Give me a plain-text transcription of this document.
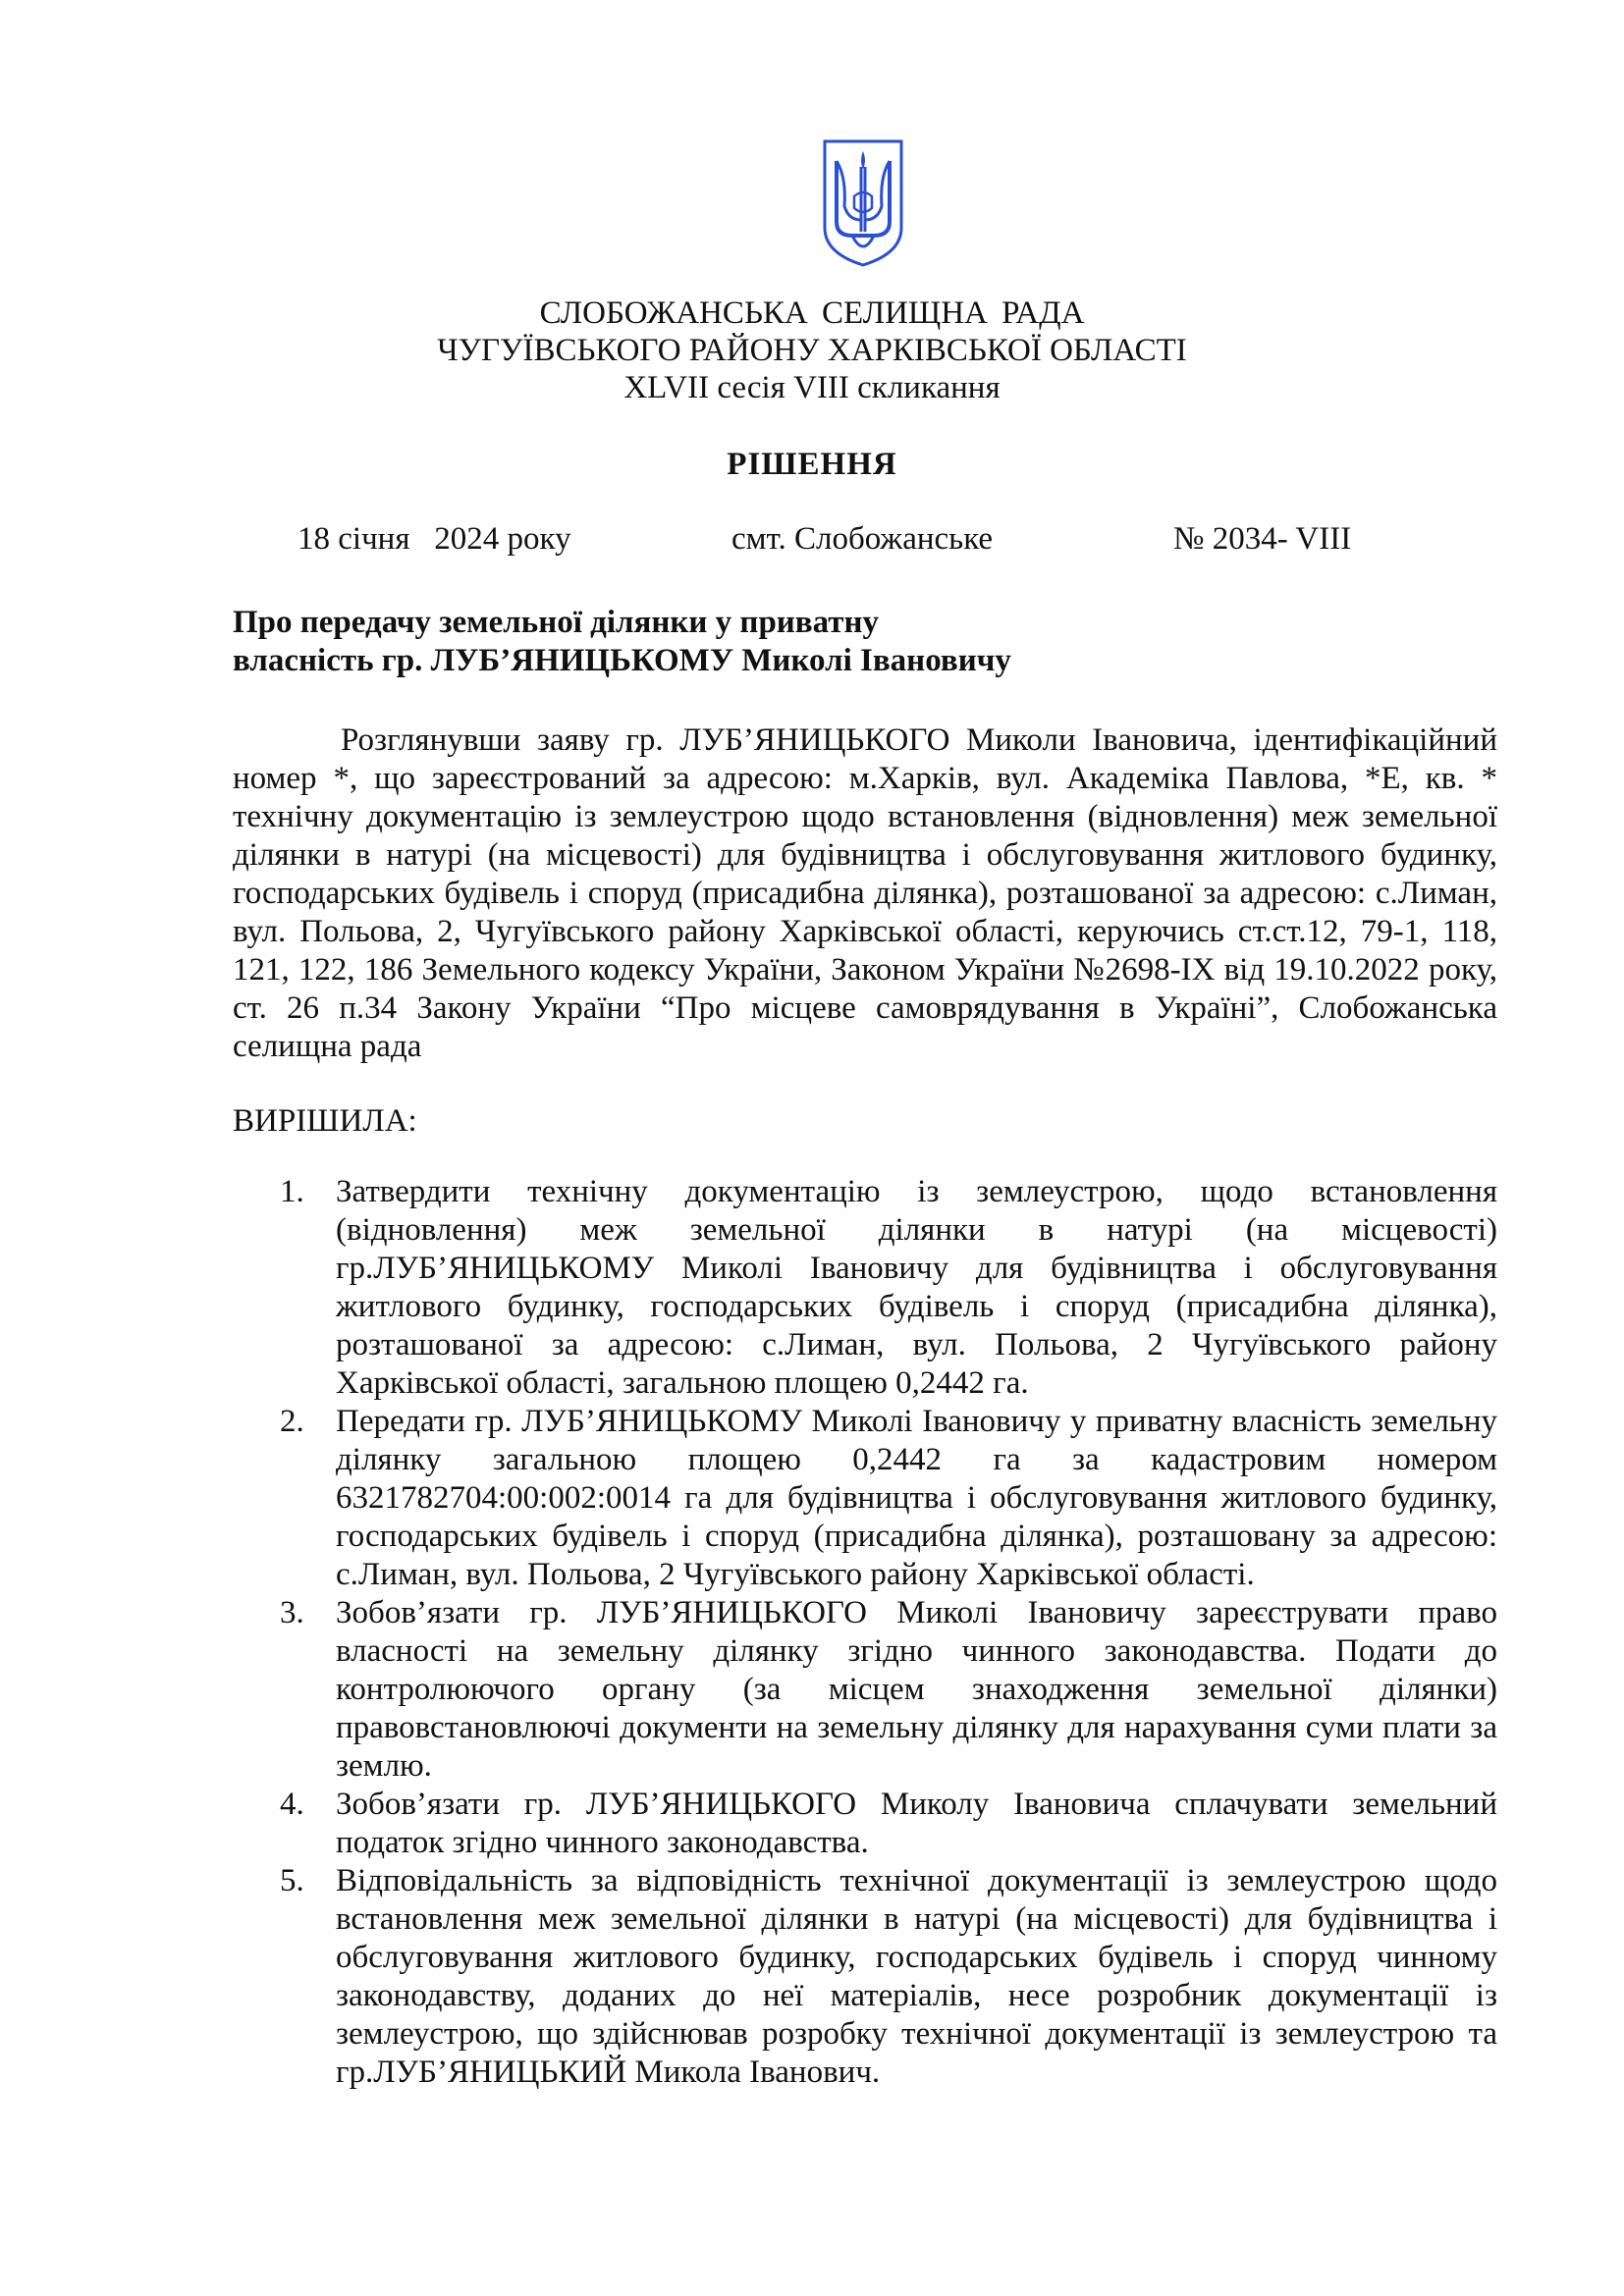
СЛОБОЖАНСЬКА СЕЛИЩНА РАДА
ЧУГУЇВСЬКОГО РАЙОНУ ХАРКІВСЬКОЇ ОБЛАСТІ
XLVII сесія VIII скликання
РІШЕННЯ
18 січня   2024 року	смт. Слобожанське	№ 2034- VIII
Про передачу земельної ділянки у приватну
власність гр. ЛУБ’ЯНИЦЬКОМУ Миколі Івановичу
Розглянувши заяву гр. ЛУБ’ЯНИЦЬКОГО Миколи Івановича, ідентифікаційний номер *, що зареєстрований за адресою: м.Харків, вул. Академіка Павлова, *Е, кв. * технічну документацію із землеустрою щодо встановлення (відновлення) меж земельної ділянки в натурі (на місцевості) для будівництва і обслуговування житлового будинку, господарських будівель і споруд (присадибна ділянка), розташованої за адресою: с.Лиман, вул. Польова, 2, Чугуївського району Харківської області, керуючись ст.ст.12, 79-1, 118, 121, 122, 186 Земельного кодексу України, Законом України №2698-IX від 19.10.2022 року, ст. 26 п.34 Закону України “Про місцеве самоврядування в Україні”, Слобожанська селищна рада
ВИРІШИЛА:
1. Затвердити технічну документацію із землеустрою, щодо встановлення (відновлення) меж земельної ділянки в натурі (на місцевості) гр.ЛУБ’ЯНИЦЬКОМУ Миколі Івановичу для будівництва і обслуговування житлового будинку, господарських будівель і споруд (присадибна ділянка), розташованої за адресою: с.Лиман, вул. Польова, 2 Чугуївського району Харківської області, загальною площею 0,2442 га.
2. Передати гр. ЛУБ’ЯНИЦЬКОМУ Миколі Івановичу у приватну власність земельну ділянку загальною площею 0,2442 га за кадастровим номером 6321782704:00:002:0014 га для будівництва і обслуговування житлового будинку, господарських будівель і споруд (присадибна ділянка), розташовану за адресою: с.Лиман, вул. Польова, 2 Чугуївського району Харківської області.
3. Зобов’язати гр. ЛУБ’ЯНИЦЬКОГО Миколі Івановичу зареєструвати право власності на земельну ділянку згідно чинного законодавства. Подати до контролюючого органу (за місцем знаходження земельної ділянки) правовстановлюючі документи на земельну ділянку для нарахування суми плати за землю.
4. Зобов’язати гр. ЛУБ’ЯНИЦЬКОГО Миколу Івановича сплачувати земельний податок згідно чинного законодавства.
5. Відповідальність за відповідність технічної документації із землеустрою щодо встановлення меж земельної ділянки в натурі (на місцевості) для будівництва і обслуговування житлового будинку, господарських будівель і споруд чинному законодавству, доданих до неї матеріалів, несе розробник документації із землеустрою, що здійснював розробку технічної документації із землеустрою та гр.ЛУБ’ЯНИЦЬКИЙ Микола Іванович.
